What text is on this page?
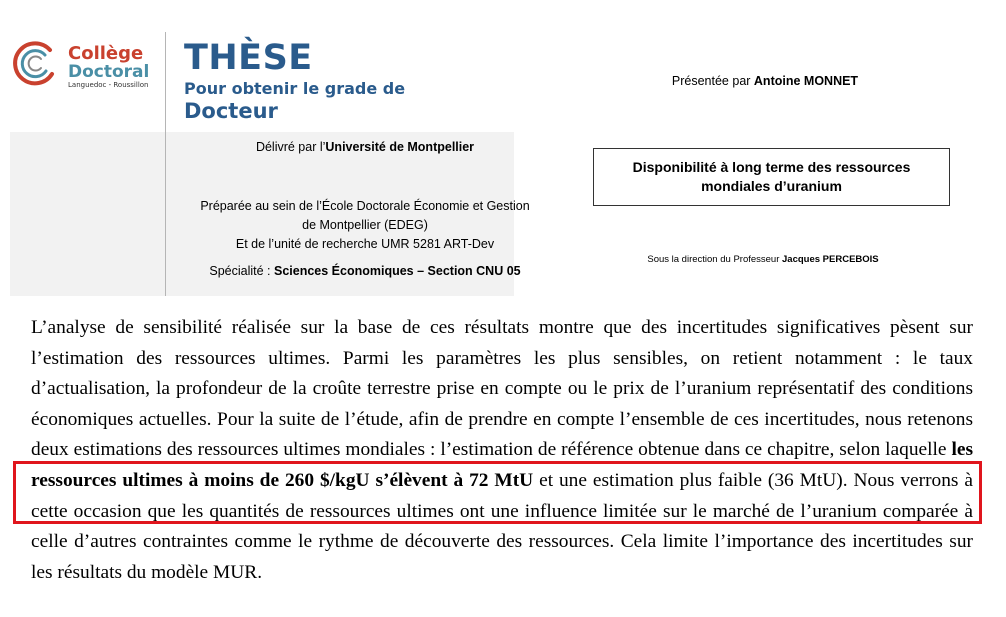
Collège
Doctoral
Languedoc - Roussillon
THÈSE
Pour obtenir le grade de
Docteur
Délivré par l’Université de Montpellier
Préparée au sein de l’École Doctorale Économie et Gestion
de Montpellier (EDEG)
Et de l’unité de recherche UMR 5281 ART-Dev
Spécialité : Sciences Économiques – Section CNU 05
Présentée par Antoine MONNET
Disponibilité à long terme des ressources mondiales d’uranium
Sous la direction du Professeur Jacques PERCEBOIS
L’analyse de sensibilité réalisée sur la base de ces résultats montre que des incertitudes significatives pèsent sur l’estimation des ressources ultimes. Parmi les paramètres les plus sensibles, on retient notamment : le taux d’actualisation, la profondeur de la croûte terrestre prise en compte ou le prix de l’uranium représentatif des conditions économiques actuelles. Pour la suite de l’étude, afin de prendre en compte l’ensemble de ces incertitudes, nous retenons deux estimations des ressources ultimes mondiales : l’estimation de référence obtenue dans ce chapitre, selon laquelle les ressources ultimes à moins de 260 $/kgU s’élèvent à 72 MtU et une estimation plus faible (36 MtU). Nous verrons à cette occasion que les quantités de ressources ultimes ont une influence limitée sur le marché de l’uranium comparée à celle d’autres contraintes comme le rythme de découverte des ressources. Cela limite l’importance des incertitudes sur les résultats du modèle MUR.
